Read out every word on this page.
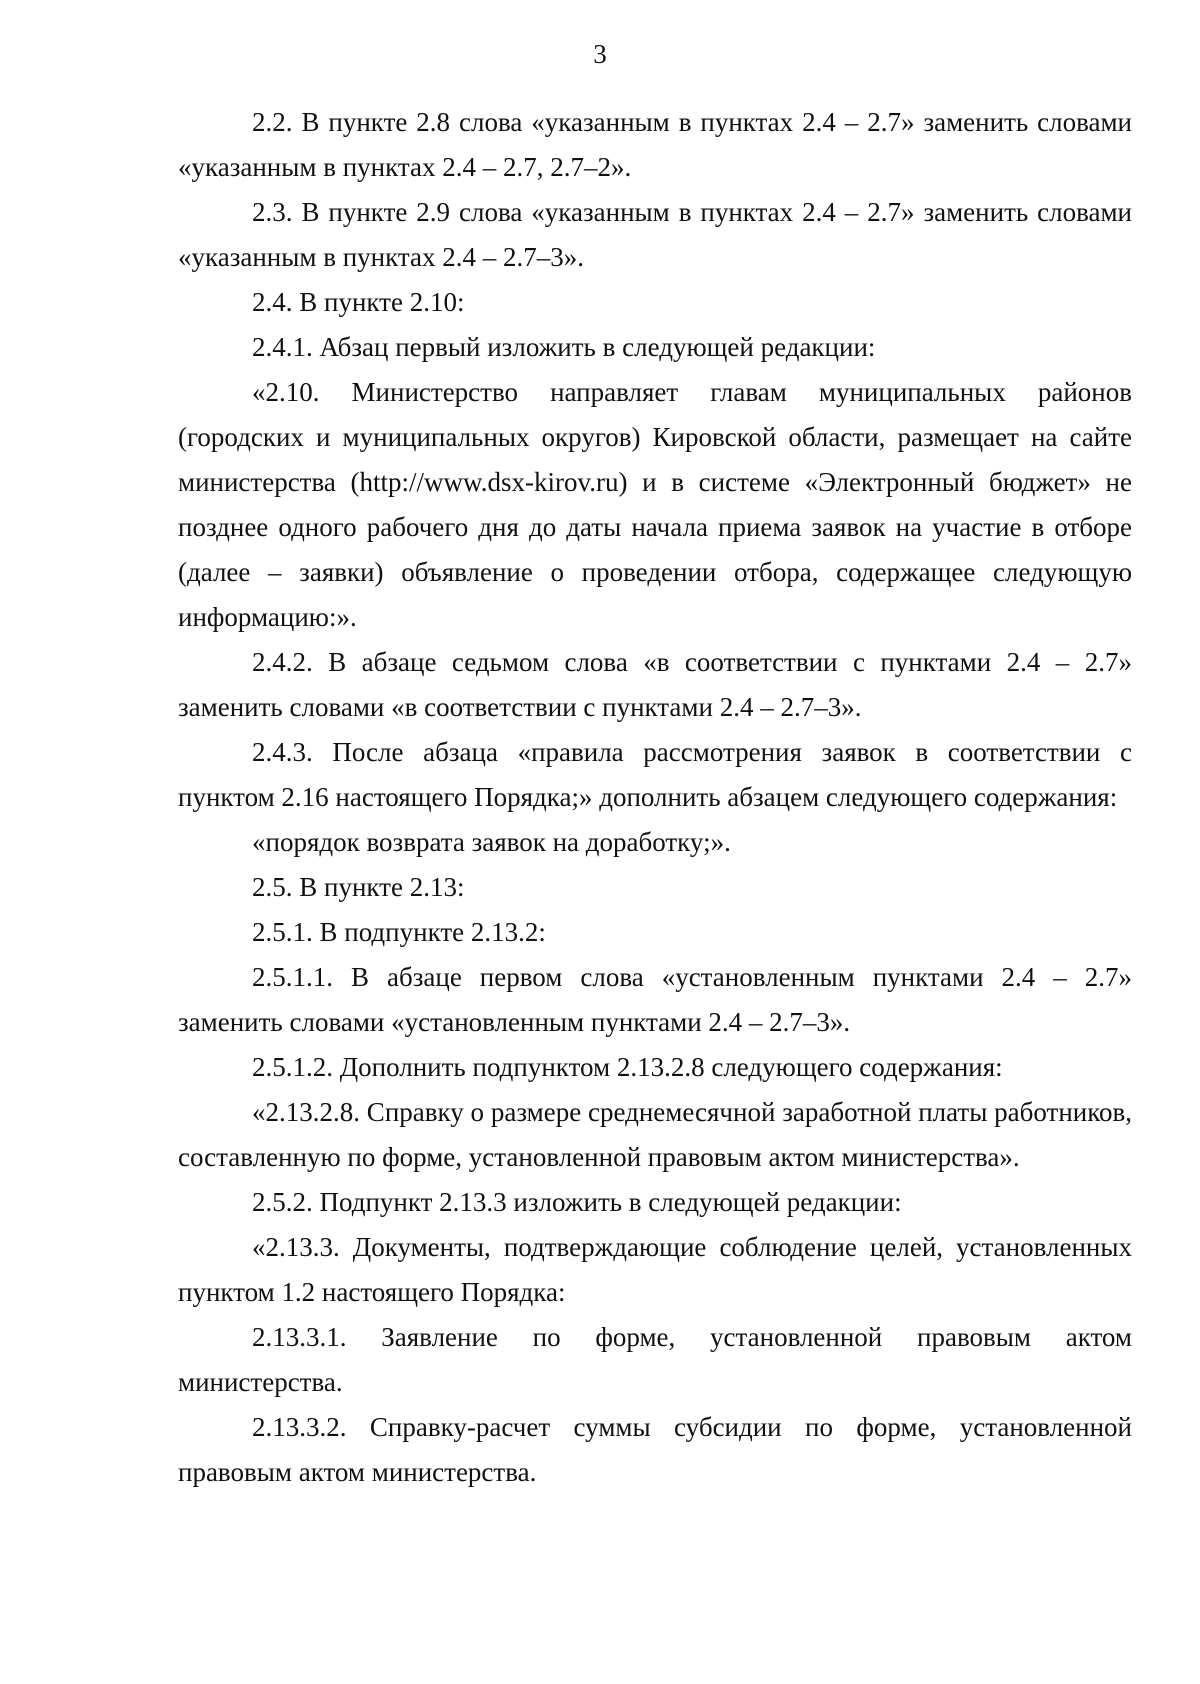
3

2.2. В пункте 2.8 слова «указанным в пунктах 2.4 – 2.7» заменить словами «указанным в пунктах 2.4 – 2.7, 2.7–2».

2.3. В пункте 2.9 слова «указанным в пунктах 2.4 – 2.7» заменить словами «указанным в пунктах 2.4 – 2.7–3».

2.4. В пункте 2.10:

2.4.1. Абзац первый изложить в следующей редакции:

«2.10. Министерство направляет главам муниципальных районов (городских и муниципальных округов) Кировской области, размещает на сайте министерства (http://www.dsx-kirov.ru) и в системе «Электронный бюджет» не позднее одного рабочего дня до даты начала приема заявок на участие в отборе (далее – заявки) объявление о проведении отбора, содержащее следующую информацию:».

2.4.2. В абзаце седьмом слова «в соответствии с пунктами 2.4 – 2.7» заменить словами «в соответствии с пунктами 2.4 – 2.7–3».

2.4.3. После абзаца «правила рассмотрения заявок в соответствии с пунктом 2.16 настоящего Порядка;» дополнить абзацем следующего содержания:

«порядок возврата заявок на доработку;».

2.5. В пункте 2.13:

2.5.1. В подпункте 2.13.2:

2.5.1.1. В абзаце первом слова «установленным пунктами 2.4 – 2.7» заменить словами «установленным пунктами 2.4 – 2.7–3».

2.5.1.2. Дополнить подпунктом 2.13.2.8 следующего содержания:

«2.13.2.8. Справку о размере среднемесячной заработной платы работников, составленную по форме, установленной правовым актом министерства».

2.5.2. Подпункт 2.13.3 изложить в следующей редакции:

«2.13.3. Документы, подтверждающие соблюдение целей, установленных пунктом 1.2 настоящего Порядка:

2.13.3.1. Заявление по форме, установленной правовым актом министерства.

2.13.3.2. Справку-расчет суммы субсидии по форме, установленной правовым актом министерства.
